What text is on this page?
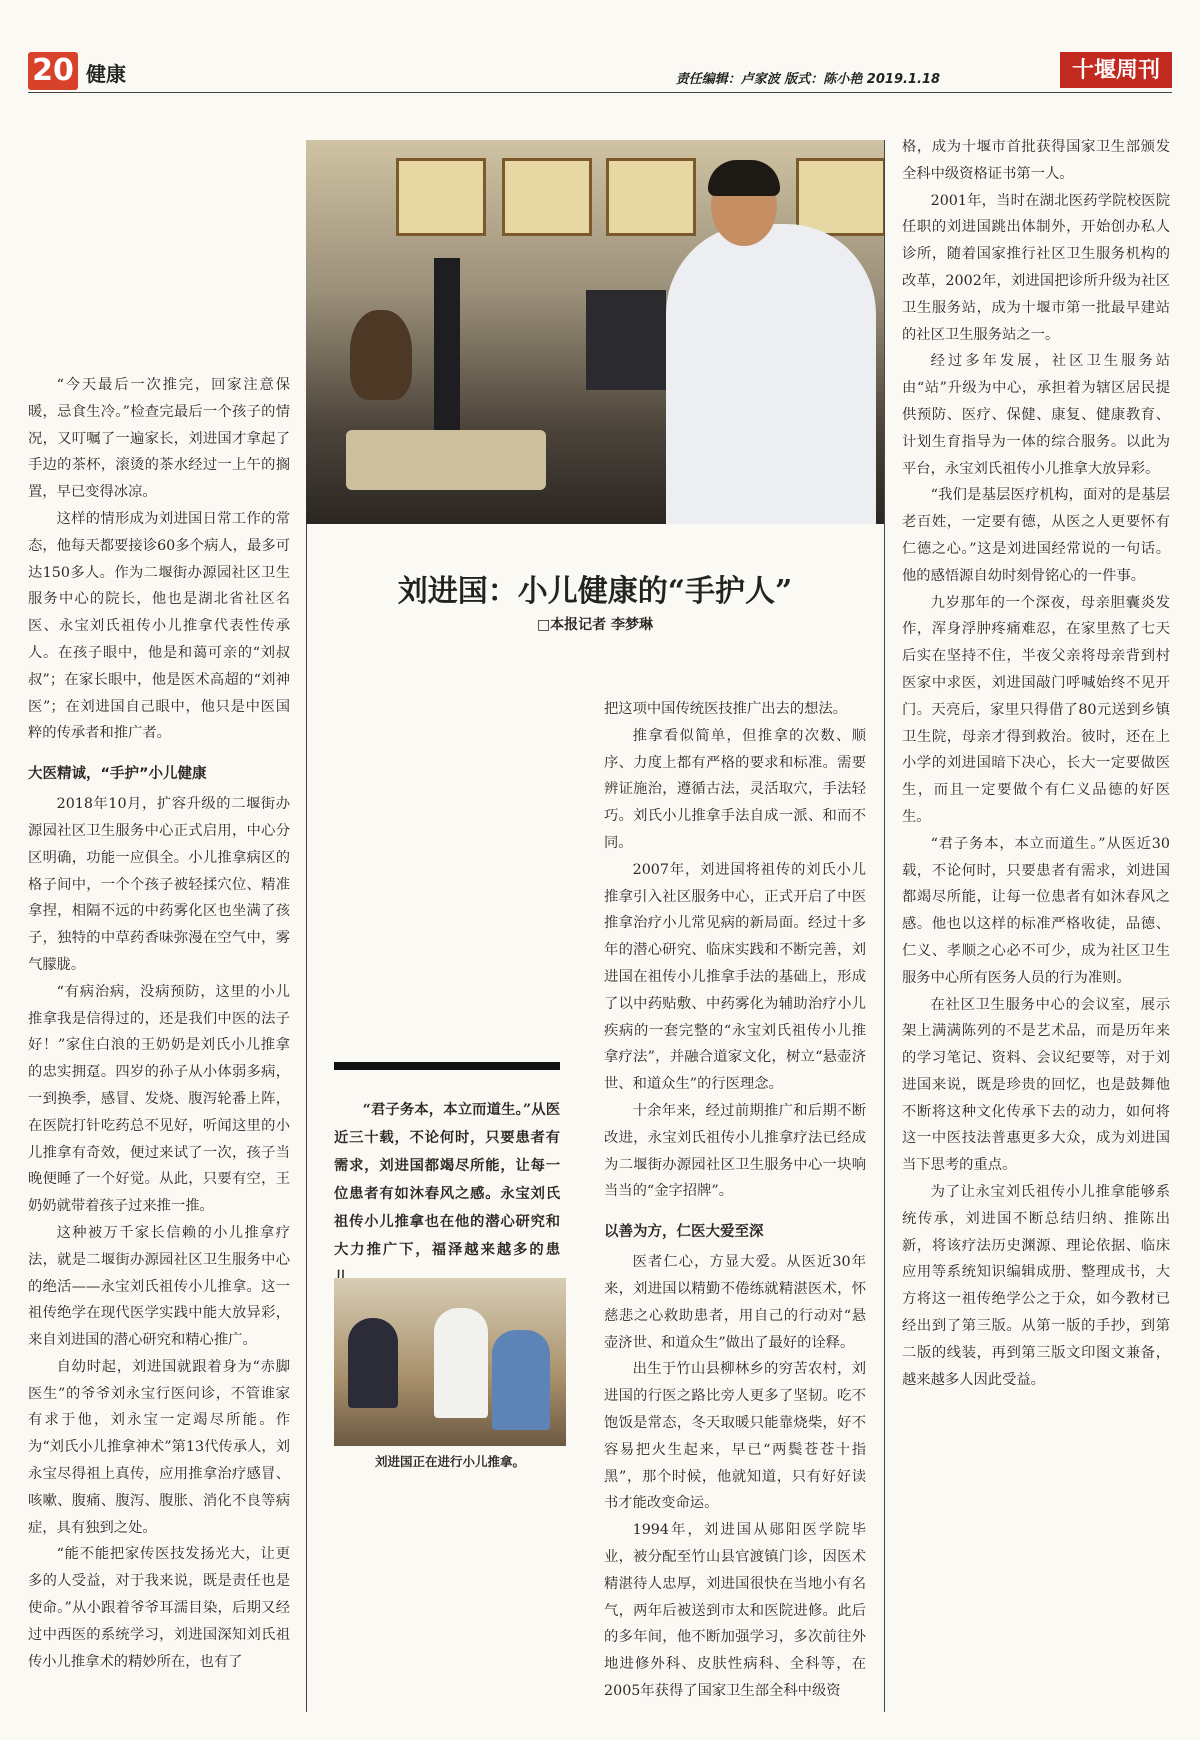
20 健康	责任编辑：卢家波 版式：陈小艳 2019.1.18	十堰周刊

“今天最后一次推完，回家注意保暖，忌食生冷。”检查完最后一个孩子的情况，又叮嘱了一遍家长，刘进国才拿起了手边的茶杯，滚烫的茶水经过一上午的搁置，早已变得冰凉。

这样的情形成为刘进国日常工作的常态，他每天都要接诊60多个病人，最多可达150多人。作为二堰街办源园社区卫生服务中心的院长，他也是湖北省社区名医、永宝刘氏祖传小儿推拿代表性传承人。在孩子眼中，他是和蔼可亲的“刘叔叔”；在家长眼中，他是医术高超的“刘神医”；在刘进国自己眼中，他只是中医国粹的传承者和推广者。

大医精诚，“手护”小儿健康

2018年10月，扩容升级的二堰街办源园社区卫生服务中心正式启用，中心分区明确，功能一应俱全。小儿推拿病区的格子间中，一个个孩子被轻揉穴位、精准拿捏，相隔不远的中药雾化区也坐满了孩子，独特的中草药香味弥漫在空气中，雾气朦胧。

“有病治病，没病预防，这里的小儿推拿我是信得过的，还是我们中医的法子好！”家住白浪的王奶奶是刘氏小儿推拿的忠实拥趸。四岁的孙子从小体弱多病，一到换季，感冒、发烧、腹泻轮番上阵，在医院打针吃药总不见好，听闻这里的小儿推拿有奇效，便过来试了一次，孩子当晚便睡了一个好觉。从此，只要有空，王奶奶就带着孩子过来推一推。

这种被万千家长信赖的小儿推拿疗法，就是二堰街办源园社区卫生服务中心的绝活——永宝刘氏祖传小儿推拿。这一祖传绝学在现代医学实践中能大放异彩，来自刘进国的潜心研究和精心推广。

自幼时起，刘进国就跟着身为“赤脚医生”的爷爷刘永宝行医问诊，不管谁家有求于他，刘永宝一定竭尽所能。作为“刘氏小儿推拿神术”第13代传承人，刘永宝尽得祖上真传，应用推拿治疗感冒、咳嗽、腹痛、腹泻、腹胀、消化不良等病症，具有独到之处。

“能不能把家传医技发扬光大，让更多的人受益，对于我来说，既是责任也是使命。”从小跟着爷爷耳濡目染，后期又经过中西医的系统学习，刘进国深知刘氏祖传小儿推拿术的精妙所在，也有了

刘进国：小儿健康的“手护人”
□本报记者 李梦琳
“君子务本，本立而道生。”从医近三十载，不论何时，只要患者有需求，刘进国都竭尽所能，让每一位患者有如沐春风之感。永宝刘氏祖传小儿推拿也在他的潜心研究和大力推广下，福泽越来越多的患
刘进国正在进行小儿推拿。

把这项中国传统医技推广出去的想法。

推拿看似简单，但推拿的次数、顺序、力度上都有严格的要求和标准。需要辨证施治，遵循古法，灵活取穴，手法轻巧。刘氏小儿推拿手法自成一派、和而不同。

2007年，刘进国将祖传的刘氏小儿推拿引入社区服务中心，正式开启了中医推拿治疗小儿常见病的新局面。经过十多年的潜心研究、临床实践和不断完善，刘进国在祖传小儿推拿手法的基础上，形成了以中药贴敷、中药雾化为辅助治疗小儿疾病的一套完整的“永宝刘氏祖传小儿推拿疗法”，并融合道家文化，树立“悬壶济世、和道众生”的行医理念。

十余年来，经过前期推广和后期不断改进，永宝刘氏祖传小儿推拿疗法已经成为二堰街办源园社区卫生服务中心一块响当当的“金字招牌”。

以善为方，仁医大爱至深

医者仁心，方显大爱。从医近30年来，刘进国以精勤不倦练就精湛医术，怀慈悲之心救助患者，用自己的行动对“悬壶济世、和道众生”做出了最好的诠释。

出生于竹山县柳林乡的穷苦农村，刘进国的行医之路比旁人更多了坚韧。吃不饱饭是常态，冬天取暖只能靠烧柴，好不容易把火生起来，早已“两鬓苍苍十指黑”，那个时候，他就知道，只有好好读书才能改变命运。

1994年，刘进国从郧阳医学院毕业，被分配至竹山县官渡镇门诊，因医术精湛待人忠厚，刘进国很快在当地小有名气，两年后被送到市太和医院进修。此后的多年间，他不断加强学习，多次前往外地进修外科、皮肤性病科、全科等，在2005年获得了国家卫生部全科中级资

格，成为十堰市首批获得国家卫生部颁发全科中级资格证书第一人。

2001年，当时在湖北医药学院校医院任职的刘进国跳出体制外，开始创办私人诊所，随着国家推行社区卫生服务机构的改革，2002年，刘进国把诊所升级为社区卫生服务站，成为十堰市第一批最早建站的社区卫生服务站之一。

经过多年发展，社区卫生服务站由“站”升级为中心，承担着为辖区居民提供预防、医疗、保健、康复、健康教育、计划生育指导为一体的综合服务。以此为平台，永宝刘氏祖传小儿推拿大放异彩。

“我们是基层医疗机构，面对的是基层老百姓，一定要有德，从医之人更要怀有仁德之心。”这是刘进国经常说的一句话。他的感悟源自幼时刻骨铭心的一件事。

九岁那年的一个深夜，母亲胆囊炎发作，浑身浮肿疼痛难忍，在家里熬了七天后实在坚持不住，半夜父亲将母亲背到村医家中求医，刘进国敲门呼喊始终不见开门。天亮后，家里只得借了80元送到乡镇卫生院，母亲才得到救治。彼时，还在上小学的刘进国暗下决心，长大一定要做医生，而且一定要做个有仁义品德的好医生。

“君子务本，本立而道生。”从医近30载，不论何时，只要患者有需求，刘进国都竭尽所能，让每一位患者有如沐春风之感。他也以这样的标准严格收徒，品德、仁义、孝顺之心必不可少，成为社区卫生服务中心所有医务人员的行为准则。

在社区卫生服务中心的会议室，展示架上满满陈列的不是艺术品，而是历年来的学习笔记、资料、会议纪要等，对于刘进国来说，既是珍贵的回忆，也是鼓舞他不断将这种文化传承下去的动力，如何将这一中医技法普惠更多大众，成为刘进国当下思考的重点。

为了让永宝刘氏祖传小儿推拿能够系统传承，刘进国不断总结归纳、推陈出新，将该疗法历史渊源、理论依据、临床应用等系统知识编辑成册、整理成书，大方将这一祖传绝学公之于众，如今教材已经出到了第三版。从第一版的手抄，到第二版的线装，再到第三版文印图文兼备，越来越多人因此受益。
